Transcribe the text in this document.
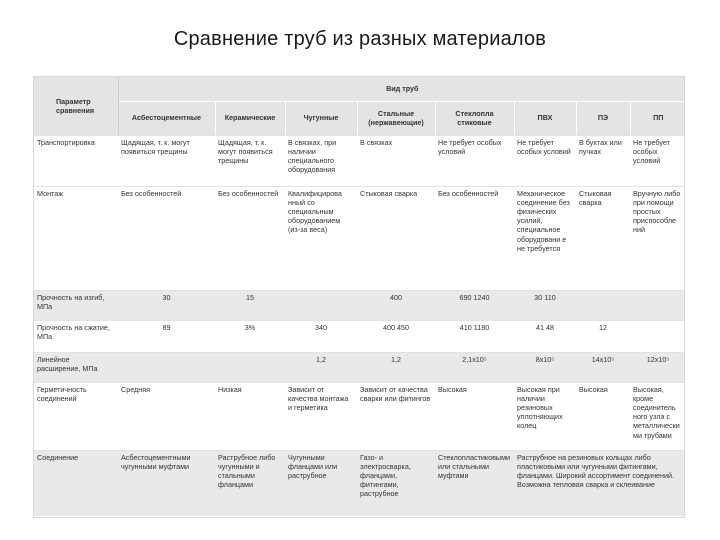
Сравнение труб из разных материалов
Параметр сравнения	Вид труб							
	Асбестоцементные	Керамические	Чугунные	Стальные (нержавеющие)	Стеклопла стиковые	ПВХ	ПЭ	ПП
Транспортировка	Щадящая, т. к. могут появиться трещины	Щадящая, т. к. могут появиться трещины	В связках, при наличии специального оборудования	В связках	Не требует особых условий	Не требует особых условий	В бухтах или пучках	Не требует особых условий
Монтаж	Без особенностей	Без особенностей	Квалифицирова нный со специальным оборудованием (из-за веса)	Стыковая сварка	Без особенностей	Механическое соединение без физических усилий, специальное оборудовани е не требуется	Стыковая сварка	Вручную либо при помощи простых приспособле ний
Прочность на изгиб, МПа	30	15		400	690 1240	30 110		
Прочность на сжатие, МПа	89	3%	340	400 450	410 1180	41 48	12	
Линейное расширение, МПа			1,2	1,2	2,1x10⁵	8x10⁵	14x10⁵	12x10⁵
Герметичность соединений	Средняя	Низкая	Зависит от качества монтажа и герметика	Зависит от качества сварки или фитингов	Высокая	Высокая при наличии резиновых уплотняющих колец	Высокая	Высокая, кроме соединитель ного узла с металлически ми трубами
Соединение	Асбестоцементными чугунными муфтами	Раструбное либо чугунными и стальными фланцами	Чугунными фланцами или раструбное	Газо- и электросварка, фланцами, фитингами, раструбное	Стеклопластиковыми или стальными муфтами	Раструбное на резиновых кольцах либо пластиковыми или чугунными фитингами, фланцами. Широкий ассортимент соединений. Возможна тепловая сварка и склеивание		
